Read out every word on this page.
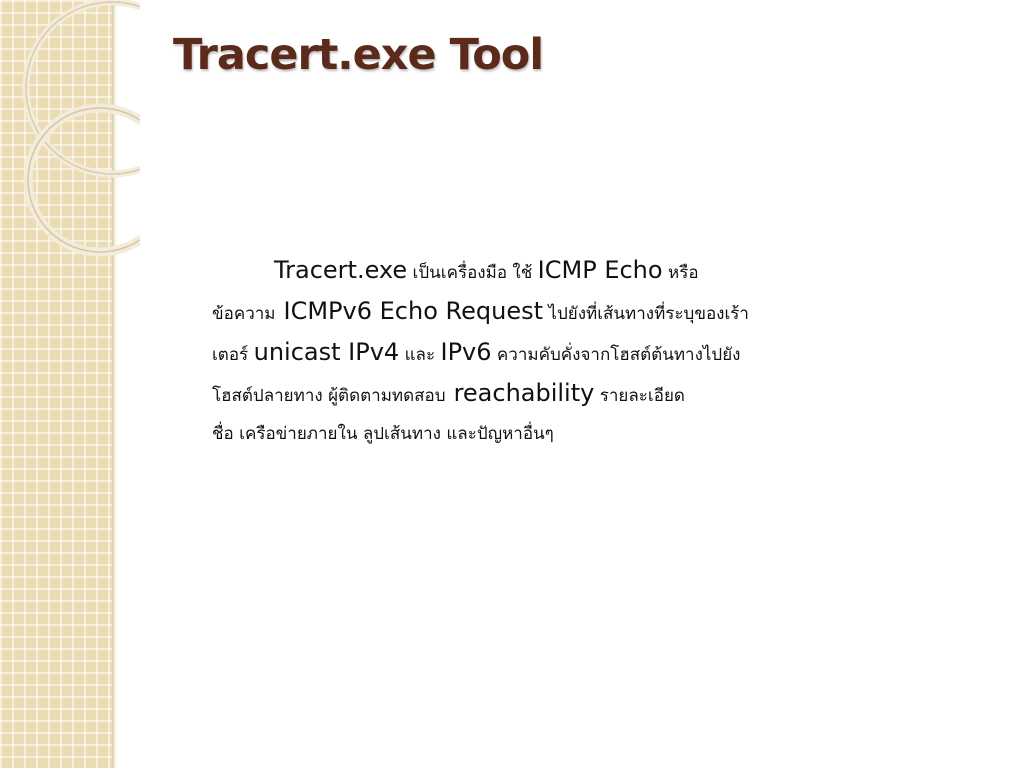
Tracert.exe Tool
Tracert.exe เป็นเครื่องมือ ใช้ ICMP Echo หรือ
ข้อความ ICMPv6 Echo Request ไปยังที่เส้นทางที่ระบุของเร้า
เตอร์ unicast IPv4 และ IPv6 ความคับคั่งจากโฮสต์ต้นทางไปยัง
โฮสต์ปลายทาง ผู้ติดตามทดสอบ reachability รายละเอียด
ชื่อ เครือข่ายภายใน ลูปเส้นทาง และปัญหาอื่นๆ
